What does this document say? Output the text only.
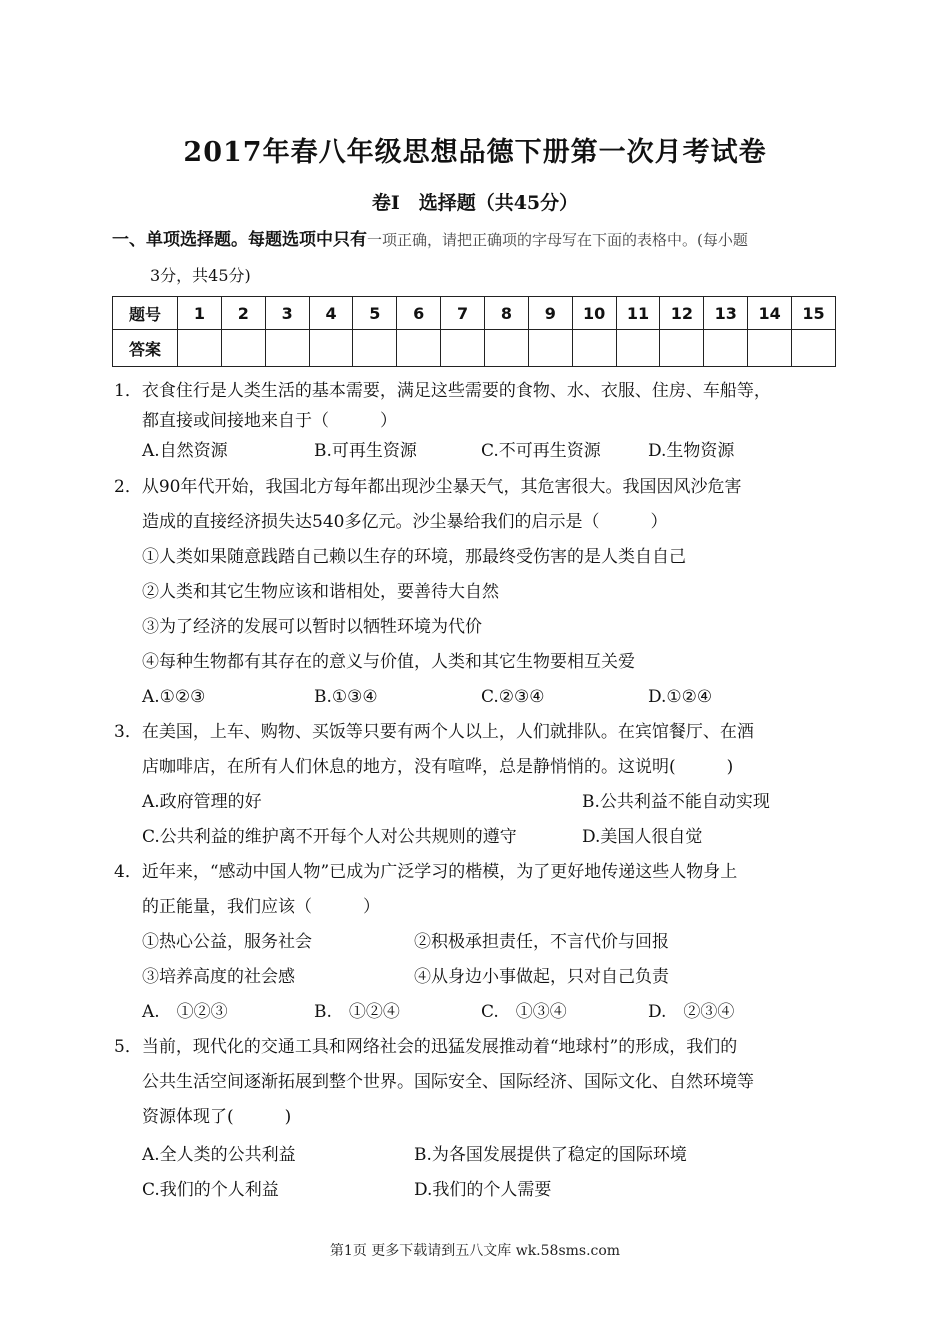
2017年春八年级思想品德下册第一次月考试卷
卷Ⅰ　选择题（共45分）
一、单项选择题。每题选项中只有一项正确，请把正确项的字母写在下面的表格中。(每小题
3分，共45分)
题号	1	2	3	4	5	6	7	8	9	10	11	12	13	14	15
答案															
1．衣食住行是人类生活的基本需要，满足这些需要的食物、水、衣服、住房、车船等，
都直接或间接地来自于（　　　）
A.自然资源	B.可再生资源	C.不可再生资源	D.生物资源
2．从90年代开始，我国北方每年都出现沙尘暴天气，其危害很大。我国因风沙危害
造成的直接经济损失达540多亿元。沙尘暴给我们的启示是（　　　）
①人类如果随意践踏自己赖以生存的环境，那最终受伤害的是人类自自己
②人类和其它生物应该和谐相处，要善待大自然
③为了经济的发展可以暂时以牺牲环境为代价
④每种生物都有其存在的意义与价值，人类和其它生物要相互关爱
A.①②③	B.①③④	C.②③④	D.①②④
3．在美国，上车、购物、买饭等只要有两个人以上，人们就排队。在宾馆餐厅、在酒
店咖啡店，在所有人们休息的地方，没有喧哗，总是静悄悄的。这说明(　　　)
A.政府管理的好	B.公共利益不能自动实现
C.公共利益的维护离不开每个人对公共规则的遵守	D.美国人很自觉
4．近年来，“感动中国人物”已成为广泛学习的楷模，为了更好地传递这些人物身上
的正能量，我们应该（　　　）
①热心公益，服务社会	②积极承担责任，不言代价与回报
③培养高度的社会感	④从身边小事做起，只对自己负责
A.　①②③	B.　①②④	C.　①③④	D.　②③④
5．当前，现代化的交通工具和网络社会的迅猛发展推动着“地球村”的形成，我们的
公共生活空间逐渐拓展到整个世界。国际安全、国际经济、国际文化、自然环境等
资源体现了(　　　)
A.全人类的公共利益	B.为各国发展提供了稳定的国际环境
C.我们的个人利益	D.我们的个人需要
第1页 更多下载请到五八文库 wk.58sms.com
